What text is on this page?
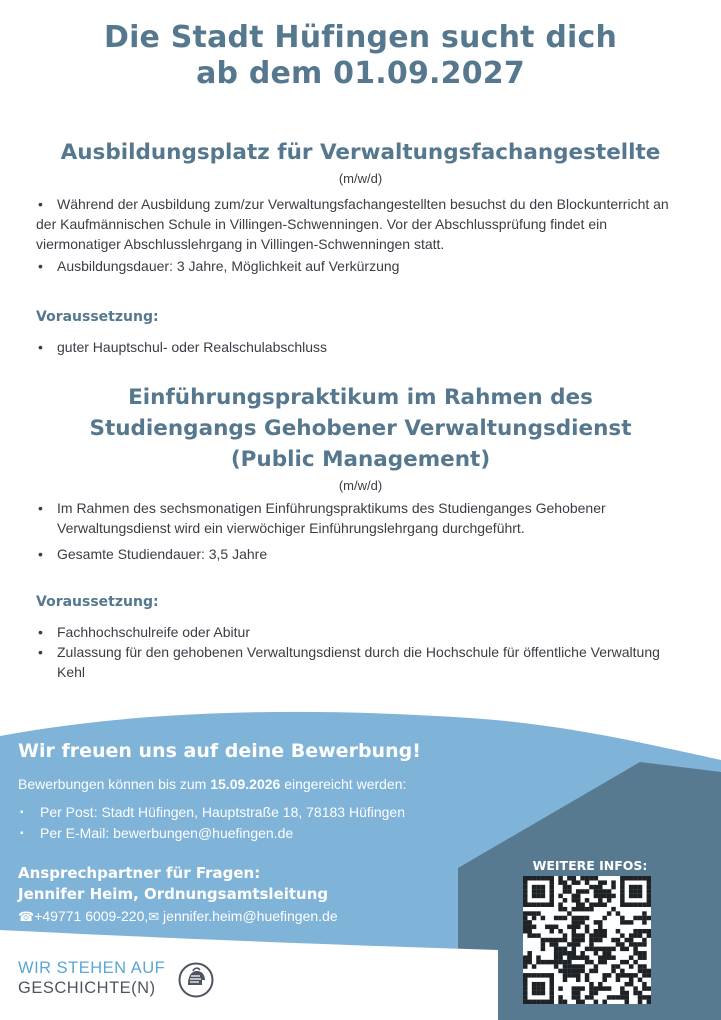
Die Stadt Hüfingen sucht dich
ab dem 01.09.2027
Ausbildungsplatz für Verwaltungsfachangestellte
(m/w/d)
• Während der Ausbildung zum/zur Verwaltungsfachangestellten besuchst du den Blockunterricht an der Kaufmännischen Schule in Villingen-Schwenningen. Vor der Abschlussprüfung findet ein viermonatiger Abschlusslehrgang in Villingen-Schwenningen statt.
• Ausbildungsdauer: 3 Jahre, Möglichkeit auf Verkürzung
Voraussetzung:
• guter Hauptschul- oder Realschulabschluss
Einführungspraktikum im Rahmen des
Studiengangs Gehobener Verwaltungsdienst
(Public Management)
(m/w/d)
• Im Rahmen des sechsmonatigen Einführungspraktikums des Studienganges Gehobener Verwaltungsdienst wird ein vierwöchiger Einführungslehrgang durchgeführt.
• Gesamte Studiendauer: 3,5 Jahre
Voraussetzung:
• Fachhochschulreife oder Abitur
• Zulassung für den gehobenen Verwaltungsdienst durch die Hochschule für öffentliche Verwaltung Kehl
Wir freuen uns auf deine Bewerbung!
Bewerbungen können bis zum 15.09.2026 eingereicht werden:
▪ Per Post: Stadt Hüfingen, Hauptstraße 18, 78183 Hüfingen
▪ Per E-Mail: bewerbungen@huefingen.de
Ansprechpartner für Fragen:
Jennifer Heim, Ordnungsamtsleitung
☎+49771 6009-220,✉ jennifer.heim@huefingen.de
WEITERE INFOS:
WIR STEHEN AUF
GESCHICHTE(N)
